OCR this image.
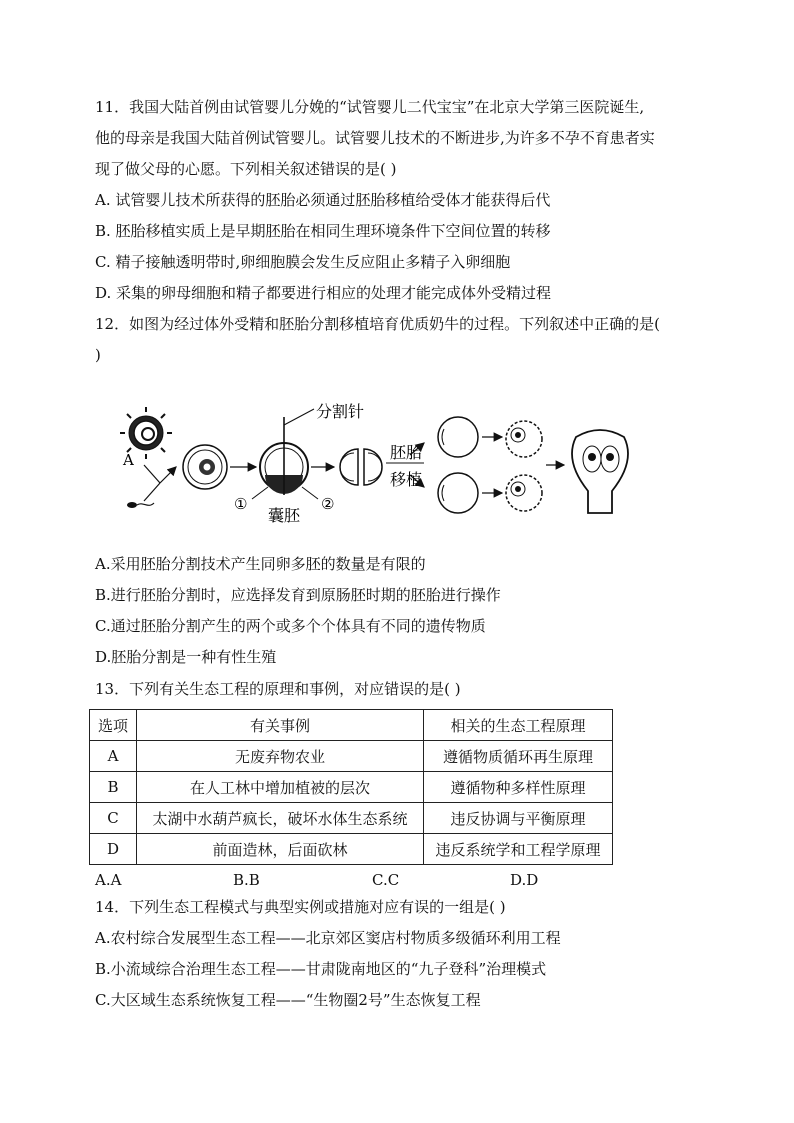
11．我国大陆首例由试管婴儿分娩的“试管婴儿二代宝宝”在北京大学第三医院诞生,
他的母亲是我国大陆首例试管婴儿。试管婴儿技术的不断进步,为许多不孕不育患者实
现了做父母的心愿。下列相关叙述错误的是( )
A. 试管婴儿技术所获得的胚胎必须通过胚胎移植给受体才能获得后代
B. 胚胎移植实质上是早期胚胎在相同生理环境条件下空间位置的转移
C. 精子接触透明带时,卵细胞膜会发生反应阻止多精子入卵细胞
D. 采集的卵母细胞和精子都要进行相应的处理才能完成体外受精过程
12．如图为经过体外受精和胚胎分割移植培育优质奶牛的过程。下列叙述中正确的是(
)
A
分割针
①	②
囊胚
胚胎
移植
A.采用胚胎分割技术产生同卵多胚的数量是有限的
B.进行胚胎分割时，应选择发育到原肠胚时期的胚胎进行操作
C.通过胚胎分割产生的两个或多个个体具有不同的遗传物质
D.胚胎分割是一种有性生殖
13．下列有关生态工程的原理和事例，对应错误的是( )
选项	有关事例	相关的生态工程原理
A	无废弃物农业	遵循物质循环再生原理
B	在人工林中增加植被的层次	遵循物种多样性原理
C	太湖中水葫芦疯长，破坏水体生态系统	违反协调与平衡原理
D	前面造林，后面砍林	违反系统学和工程学原理
A.A	B.B	C.C	D.D
14．下列生态工程模式与典型实例或措施对应有误的一组是( )
A.农村综合发展型生态工程——北京郊区窦店村物质多级循环利用工程
B.小流域综合治理生态工程——甘肃陇南地区的“九子登科”治理模式
C.大区域生态系统恢复工程——“生物圈2号”生态恢复工程
